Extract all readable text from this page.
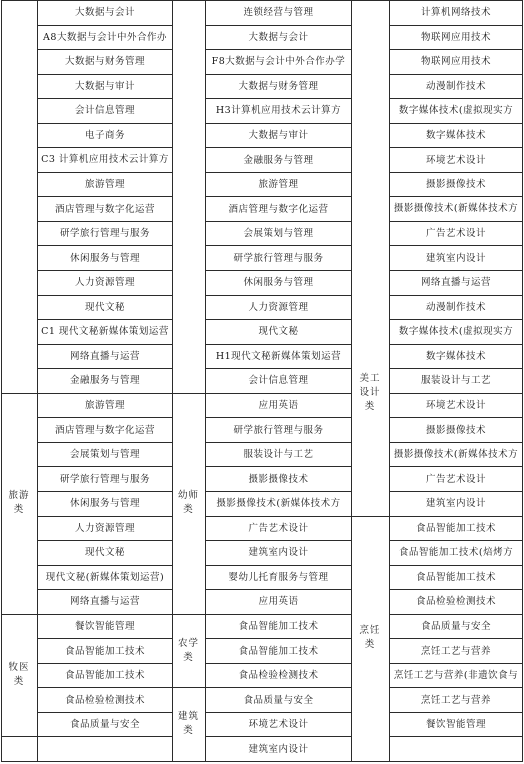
大数据与会计
A8大数据与会计中外合作办
大数据与财务管理
大数据与审计
会计信息管理
电子商务
C3 计算机应用技术云计算方
旅游管理
酒店管理与数字化运营
研学旅行管理与服务
休闲服务与管理
人力资源管理
现代文秘
C1 现代文秘新媒体策划运营
网络直播与运营
金融服务与管理
旅游管理
酒店管理与数字化运营
会展策划与管理
研学旅行管理与服务
休闲服务与管理
人力资源管理
现代文秘
现代文秘(新媒体策划运营)
网络直播与运营
餐饮智能管理
食品智能加工技术
食品智能加工技术
食品检验检测技术
食品质量与安全
连锁经营与管理
大数据与会计
F8大数据与会计中外合作办学
大数据与财务管理
H3计算机应用技术云计算方
大数据与审计
金融服务与管理
旅游管理
酒店管理与数字化运营
会展策划与管理
研学旅行管理与服务
休闲服务与管理
人力资源管理
现代文秘
H1现代文秘新媒体策划运营
会计信息管理
应用英语
研学旅行管理与服务
服装设计与工艺
摄影摄像技术
摄影摄像技术(新媒体技术方
广告艺术设计
建筑室内设计
婴幼儿托育服务与管理
应用英语
食品智能加工技术
食品智能加工技术
食品检验检测技术
食品质量与安全
环境艺术设计
建筑室内设计
计算机网络技术
物联网应用技术
物联网应用技术
动漫制作技术
数字媒体技术(虚拟现实方
数字媒体技术
环境艺术设计
摄影摄像技术
摄影摄像技术(新媒体技术方
广告艺术设计
建筑室内设计
网络直播与运营
动漫制作技术
数字媒体技术(虚拟现实方
数字媒体技术
服装设计与工艺
环境艺术设计
摄影摄像技术
摄影摄像技术(新媒体技术方
广告艺术设计
建筑室内设计
食品智能加工技术
食品智能加工技术(焙烤方
食品智能加工技术
食品检验检测技术
食品质量与安全
烹饪工艺与营养
烹饪工艺与营养(非遗饮食与
烹饪工艺与营养
餐饮智能管理
旅游类
牧医类
幼师类
农学类
建筑类
美工设计类
烹饪类
